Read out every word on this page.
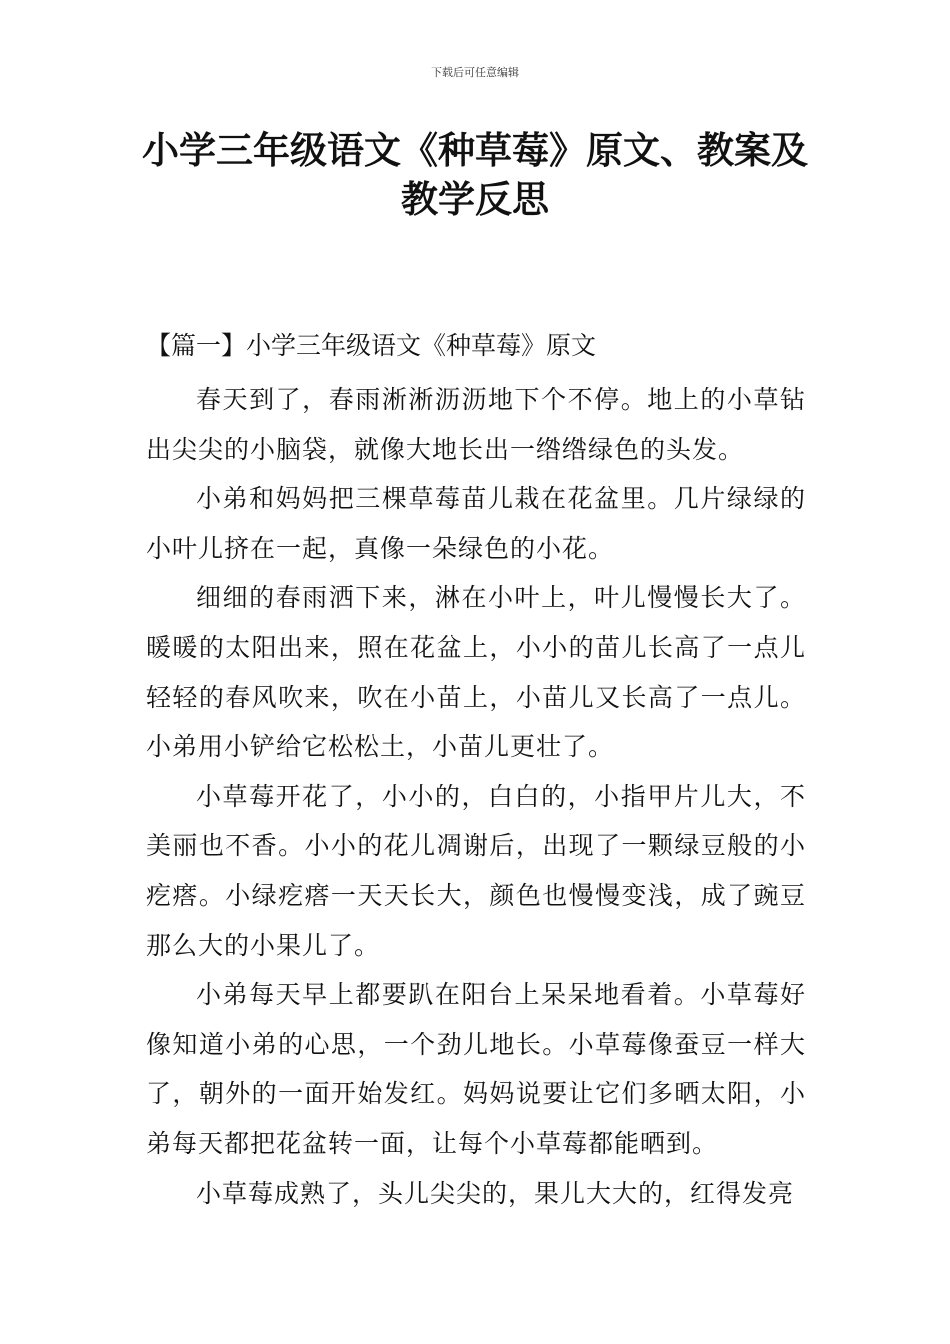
下载后可任意编辑
小学三年级语文《种草莓》原文、教案及
教学反思
【篇一】小学三年级语文《种草莓》原文

春天到了，春雨淅淅沥沥地下个不停。地上的小草钻出尖尖的小脑袋，就像大地长出一绺绺绿色的头发。

小弟和妈妈把三棵草莓苗儿栽在花盆里。几片绿绿的小叶儿挤在一起，真像一朵绿色的小花。

细细的春雨洒下来，淋在小叶上，叶儿慢慢长大了。暖暖的太阳出来，照在花盆上，小小的苗儿长高了一点儿轻轻的春风吹来，吹在小苗上，小苗儿又长高了一点儿。小弟用小铲给它松松土，小苗儿更壮了。

小草莓开花了，小小的，白白的，小指甲片儿大，不美丽也不香。小小的花儿凋谢后，出现了一颗绿豆般的小疙瘩。小绿疙瘩一天天长大，颜色也慢慢变浅，成了豌豆那么大的小果儿了。

小弟每天早上都要趴在阳台上呆呆地看着。小草莓好像知道小弟的心思，一个劲儿地长。小草莓像蚕豆一样大了，朝外的一面开始发红。妈妈说要让它们多晒太阳，小弟每天都把花盆转一面，让每个小草莓都能晒到。

小草莓成熟了，头儿尖尖的，果儿大大的，红得发亮
